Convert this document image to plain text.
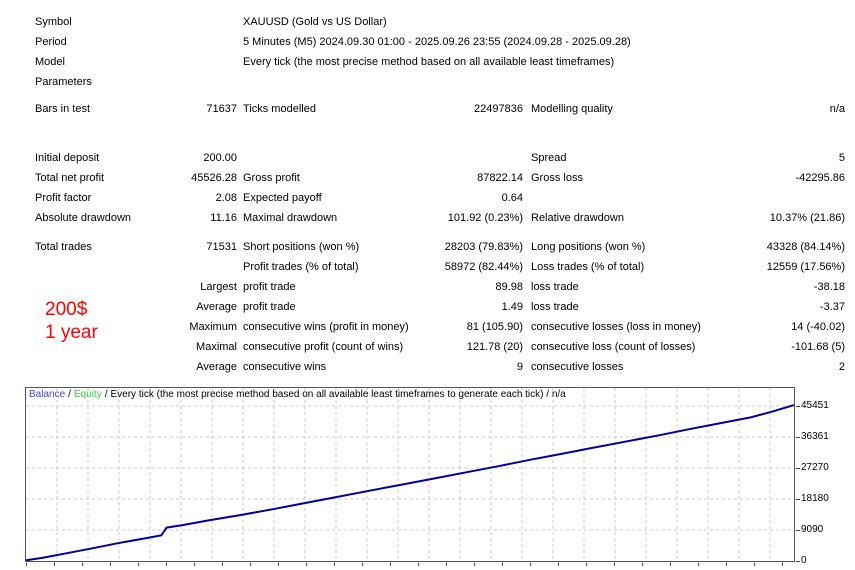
Symbol	XAUUSD (Gold vs US Dollar)
Period	5 Minutes (M5) 2024.09.30 01:00 - 2025.09.26 23:55 (2024.09.28 - 2025.09.28)
Model	Every tick (the most precise method based on all available least timeframes)
Parameters
Bars in test	71637 Ticks modelled	22497836 Modelling quality	n/a
Initial deposit	200.00	Spread	5
Total net profit	45526.28 Gross profit	87822.14 Gross loss	-42295.86
Profit factor	2.08 Expected payoff	0.64
Absolute drawdown	11.16 Maximal drawdown	101.92 (0.23%) Relative drawdown	10.37% (21.86)
Total trades	71531 Short positions (won %)	28203 (79.83%) Long positions (won %)	43328 (84.14%)
Profit trades (% of total)	58972 (82.44%) Loss trades (% of total)	12559 (17.56%)
Largest profit trade	89.98 loss trade	-38.18
Average profit trade	1.49 loss trade	-3.37
Maximum consecutive wins (profit in money)	81 (105.90) consecutive losses (loss in money)	14 (-40.02)
Maximal consecutive profit (count of wins)	121.78 (20) consecutive loss (count of losses)	-101.68 (5)
Average consecutive wins	9 consecutive losses	2
200$
1 year
Balance / Equity / Every tick (the most precise method based on all available least timeframes to generate each tick) / n/a
45451
36361
27270
18180
9090
0
